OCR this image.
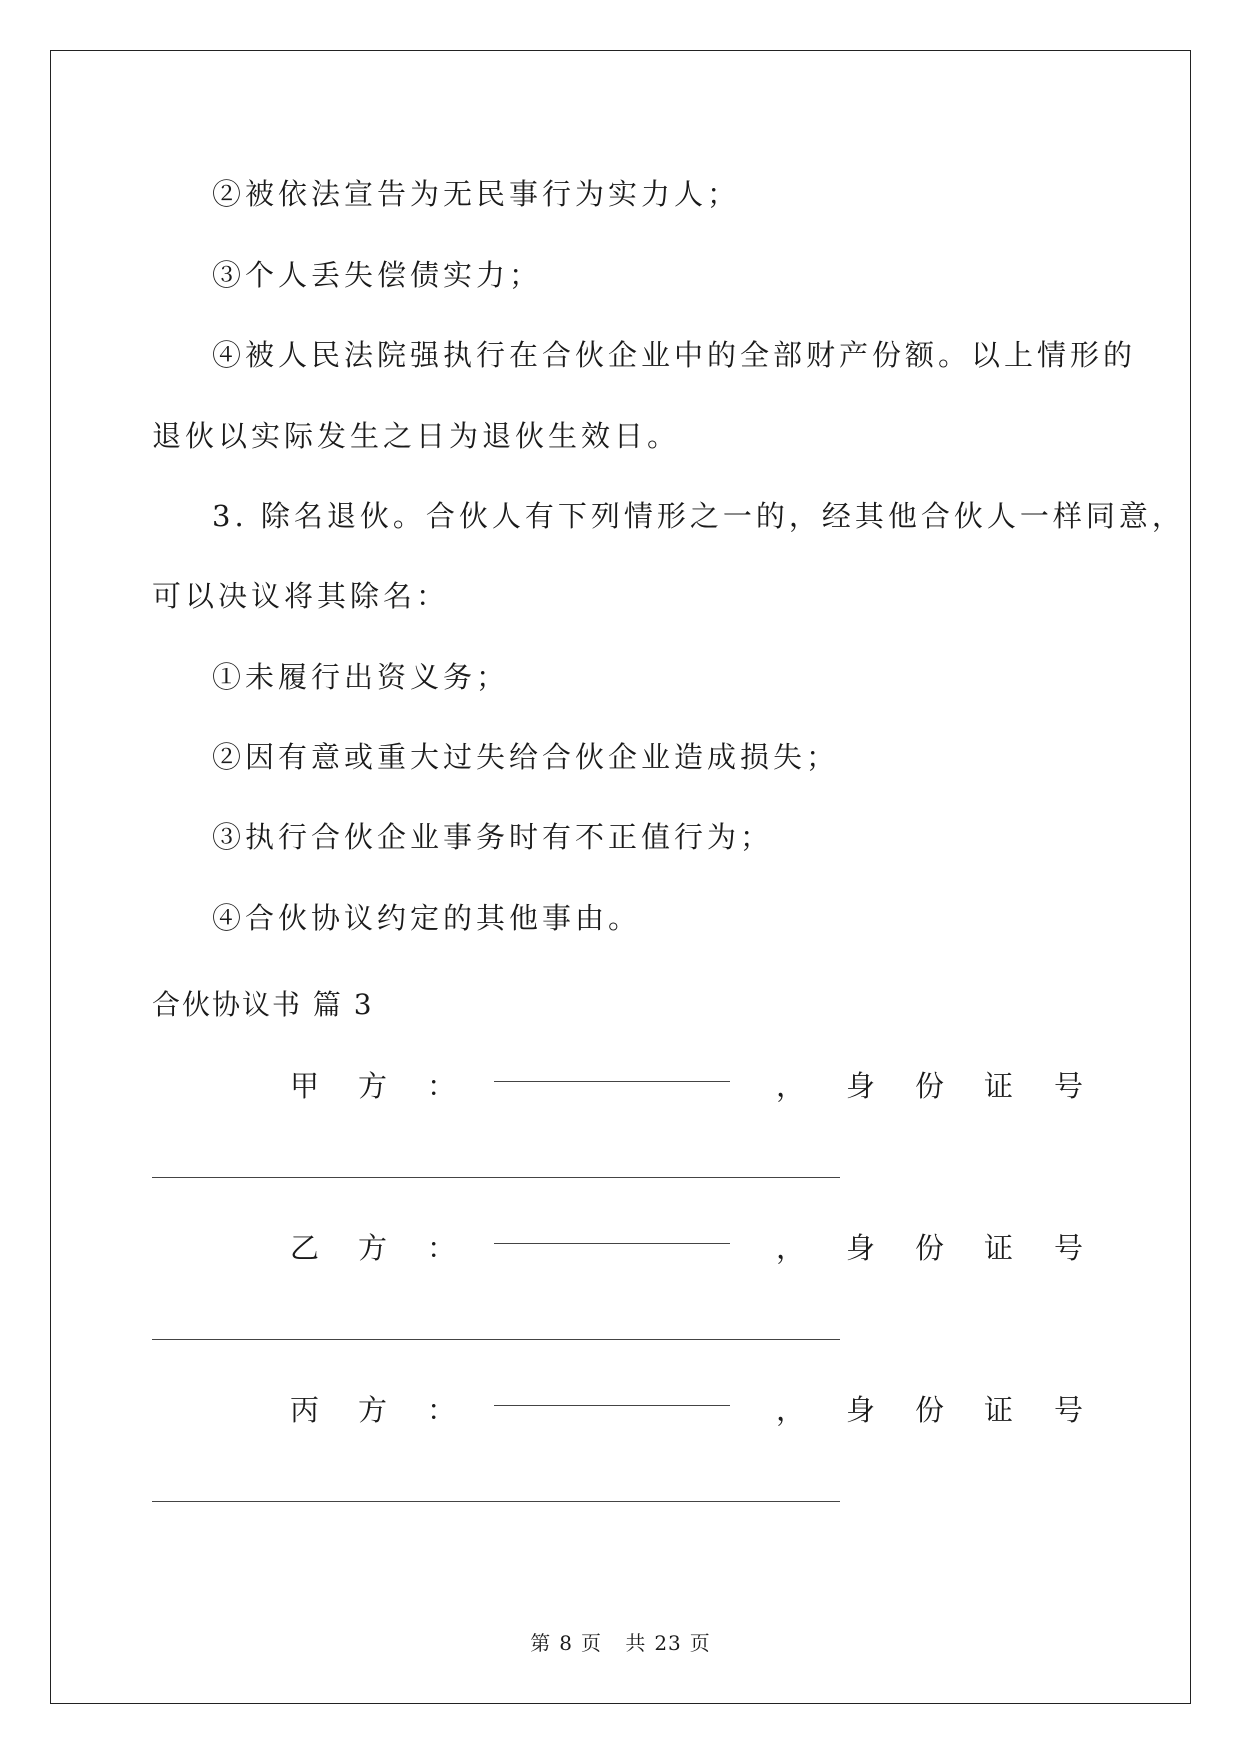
②被依法宣告为无民事行为实力人；
③个人丢失偿债实力；
④被人民法院强执行在合伙企业中的全部财产份额。以上情形的
退伙以实际发生之日为退伙生效日。
3. 除名退伙。合伙人有下列情形之一的，经其他合伙人一样同意，
可以决议将其除名：
①未履行出资义务；
②因有意或重大过失给合伙企业造成损失；
③执行合伙企业事务时有不正值行为；
④合伙协议约定的其他事由。
合伙协议书 篇 3
甲 方 ：	， 身 份 证 号
乙 方 ：	， 身 份 证 号
丙 方 ：	， 身 份 证 号
第 8 页 共 23 页
